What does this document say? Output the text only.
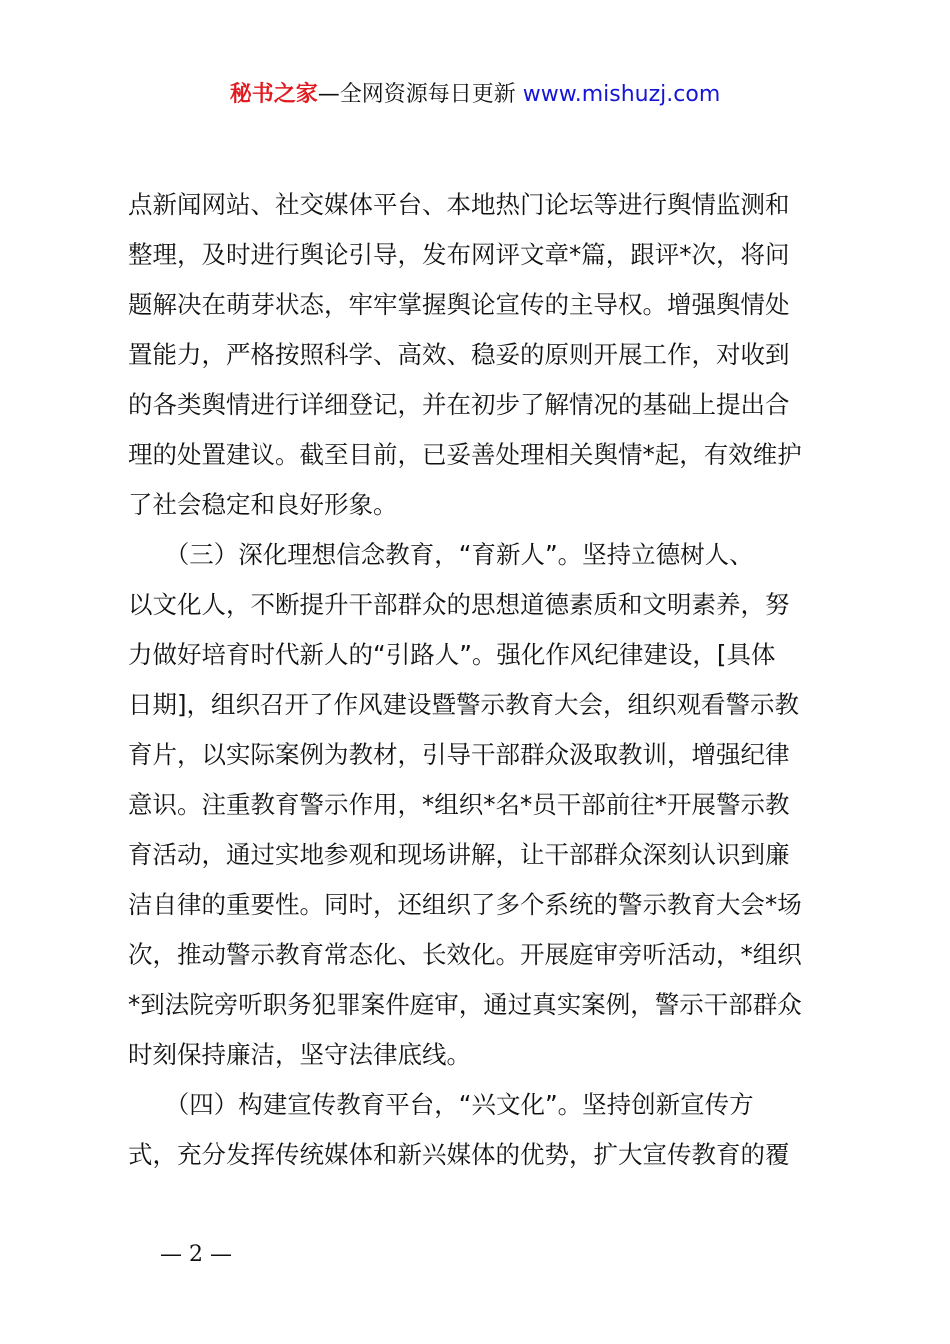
秘书之家—全网资源每日更新 www.mishuzj.com
点新闻网站、社交媒体平台、本地热门论坛等进行舆情监测和
整理，及时进行舆论引导，发布网评文章*篇，跟评*次，将问
题解决在萌芽状态，牢牢掌握舆论宣传的主导权。增强舆情处
置能力，严格按照科学、高效、稳妥的原则开展工作，对收到
的各类舆情进行详细登记，并在初步了解情况的基础上提出合
理的处置建议。截至目前，已妥善处理相关舆情*起，有效维护
了社会稳定和良好形象。
　　（三）深化理想信念教育，“育新人”。坚持立德树人、
以文化人，不断提升干部群众的思想道德素质和文明素养，努
力做好培育时代新人的“引路人”。强化作风纪律建设，[具体
日期]，组织召开了作风建设暨警示教育大会，组织观看警示教
育片，以实际案例为教材，引导干部群众汲取教训，增强纪律
意识。注重教育警示作用，*组织*名*员干部前往*开展警示教
育活动，通过实地参观和现场讲解，让干部群众深刻认识到廉
洁自律的重要性。同时，还组织了多个系统的警示教育大会*场
次，推动警示教育常态化、长效化。开展庭审旁听活动，*组织
*到法院旁听职务犯罪案件庭审，通过真实案例，警示干部群众
时刻保持廉洁，坚守法律底线。
　　（四）构建宣传教育平台，“兴文化”。坚持创新宣传方
式，充分发挥传统媒体和新兴媒体的优势，扩大宣传教育的覆
— 2 —
